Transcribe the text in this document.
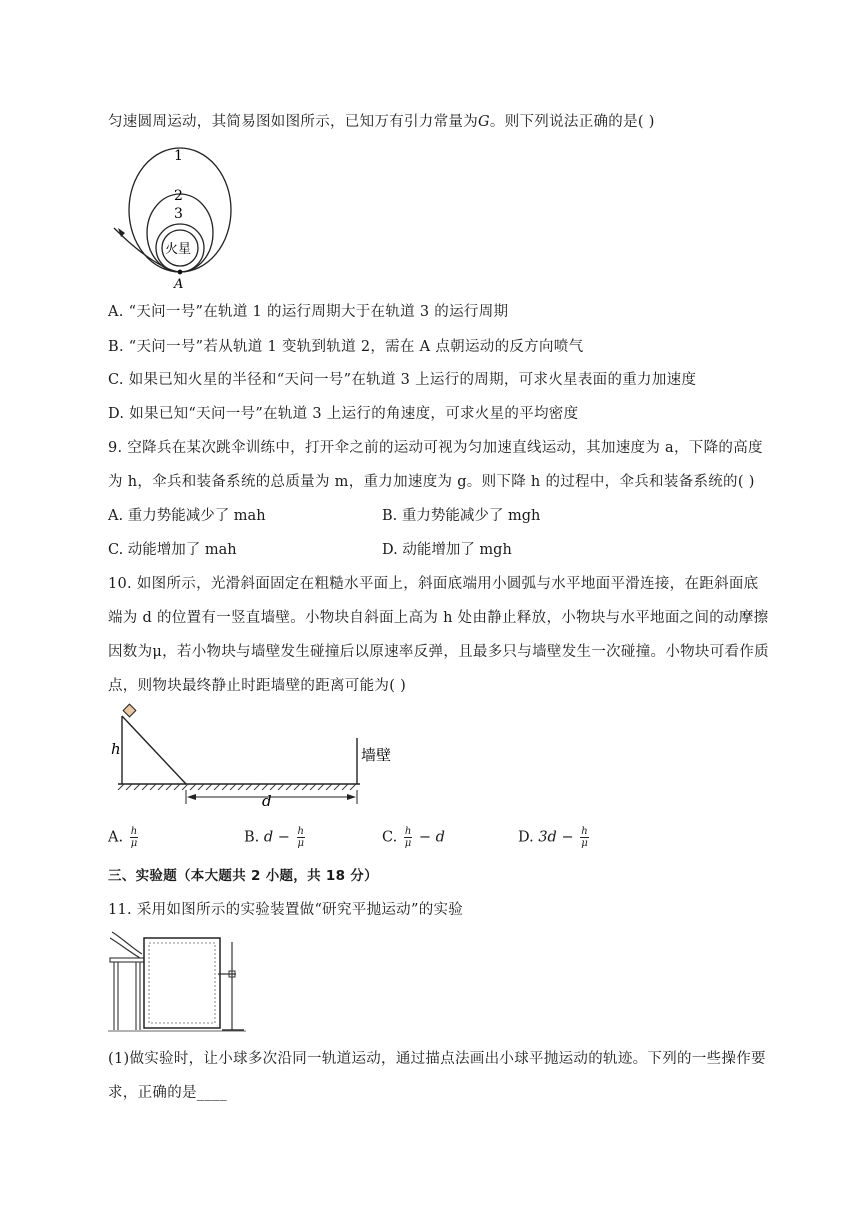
匀速圆周运动，其简易图如图所示，已知万有引力常量为G。则下列说法正确的是( )
1
2
3
火星
A
A. “天问一号”在轨道 1 的运行周期大于在轨道 3 的运行周期
B. “天问一号”若从轨道 1 变轨到轨道 2，需在 A 点朝运动的反方向喷气
C. 如果已知火星的半径和“天问一号”在轨道 3 上运行的周期，可求火星表面的重力加速度
D. 如果已知“天问一号”在轨道 3 上运行的角速度，可求火星的平均密度
9. 空降兵在某次跳伞训练中，打开伞之前的运动可视为匀加速直线运动，其加速度为 a，下降的高度
为 h，伞兵和装备系统的总质量为 m，重力加速度为 g。则下降 h 的过程中，伞兵和装备系统的( )
A. 重力势能减少了 mah	B. 重力势能减少了 mgh
C. 动能增加了 mah	D. 动能增加了 mgh
10. 如图所示，光滑斜面固定在粗糙水平面上，斜面底端用小圆弧与水平地面平滑连接，在距斜面底
端为 d 的位置有一竖直墙壁。小物块自斜面上高为 h 处由静止释放，小物块与水平地面之间的动摩擦
因数为μ，若小物块与墙壁发生碰撞后以原速率反弹，且最多只与墙壁发生一次碰撞。小物块可看作质
点，则物块最终静止时距墙壁的距离可能为( )
h	墙壁
d
A. $\frac{h}{\mu}$	B. $d - \frac{h}{\mu}$	C. $\frac{h}{\mu} - d$	D. $3d - \frac{h}{\mu}$
三、实验题（本大题共 2 小题，共 18 分）
11. 采用如图所示的实验装置做“研究平抛运动”的实验
(1)做实验时，让小球多次沿同一轨道运动，通过描点法画出小球平抛运动的轨迹。下列的一些操作要
求，正确的是____
